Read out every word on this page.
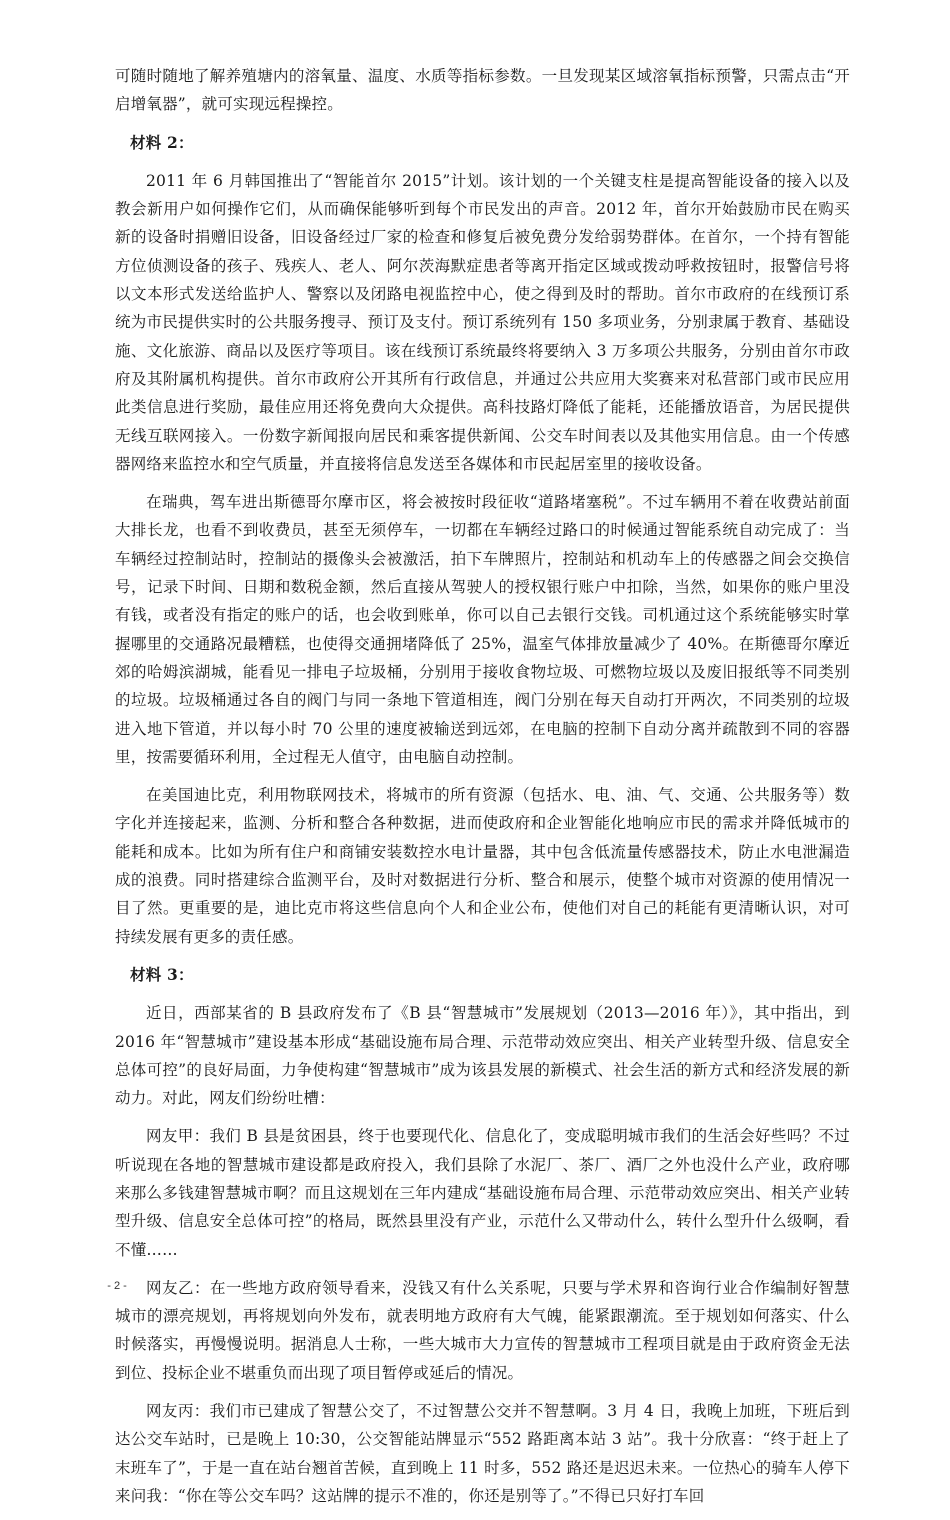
可随时随地了解养殖塘内的溶氧量、温度、水质等指标参数。一旦发现某区域溶氧指标预警，只需点击“开启增氧器”，就可实现远程操控。

材料 2：

2011 年 6 月韩国推出了“智能首尔 2015”计划。该计划的一个关键支柱是提高智能设备的接入以及教会新用户如何操作它们，从而确保能够听到每个市民发出的声音。2012 年，首尔开始鼓励市民在购买新的设备时捐赠旧设备，旧设备经过厂家的检查和修复后被免费分发给弱势群体。在首尔，一个持有智能方位侦测设备的孩子、残疾人、老人、阿尔茨海默症患者等离开指定区域或拨动呼救按钮时，报警信号将以文本形式发送给监护人、警察以及闭路电视监控中心，使之得到及时的帮助。首尔市政府的在线预订系统为市民提供实时的公共服务搜寻、预订及支付。预订系统列有 150 多项业务，分别隶属于教育、基础设施、文化旅游、商品以及医疗等项目。该在线预订系统最终将要纳入 3 万多项公共服务，分别由首尔市政府及其附属机构提供。首尔市政府公开其所有行政信息，并通过公共应用大奖赛来对私营部门或市民应用此类信息进行奖励，最佳应用还将免费向大众提供。高科技路灯降低了能耗，还能播放语音，为居民提供无线互联网接入。一份数字新闻报向居民和乘客提供新闻、公交车时间表以及其他实用信息。由一个传感器网络来监控水和空气质量，并直接将信息发送至各媒体和市民起居室里的接收设备。

在瑞典，驾车进出斯德哥尔摩市区，将会被按时段征收“道路堵塞税”。不过车辆用不着在收费站前面大排长龙，也看不到收费员，甚至无须停车，一切都在车辆经过路口的时候通过智能系统自动完成了：当车辆经过控制站时，控制站的摄像头会被激活，拍下车牌照片，控制站和机动车上的传感器之间会交换信号，记录下时间、日期和数税金额，然后直接从驾驶人的授权银行账户中扣除，当然，如果你的账户里没有钱，或者没有指定的账户的话，也会收到账单，你可以自己去银行交钱。司机通过这个系统能够实时掌握哪里的交通路况最糟糕，也使得交通拥堵降低了 25%，温室气体排放量减少了 40%。在斯德哥尔摩近郊的哈姆滨湖城，能看见一排电子垃圾桶，分别用于接收食物垃圾、可燃物垃圾以及废旧报纸等不同类别的垃圾。垃圾桶通过各自的阀门与同一条地下管道相连，阀门分别在每天自动打开两次，不同类别的垃圾进入地下管道，并以每小时 70 公里的速度被输送到远郊，在电脑的控制下自动分离并疏散到不同的容器里，按需要循环利用，全过程无人值守，由电脑自动控制。

在美国迪比克，利用物联网技术，将城市的所有资源（包括水、电、油、气、交通、公共服务等）数字化并连接起来，监测、分析和整合各种数据，进而使政府和企业智能化地响应市民的需求并降低城市的能耗和成本。比如为所有住户和商铺安装数控水电计量器，其中包含低流量传感器技术，防止水电泄漏造成的浪费。同时搭建综合监测平台，及时对数据进行分析、整合和展示，使整个城市对资源的使用情况一目了然。更重要的是，迪比克市将这些信息向个人和企业公布，使他们对自己的耗能有更清晰认识，对可持续发展有更多的责任感。

材料 3：

近日，西部某省的 B 县政府发布了《B 县“智慧城市”发展规划（2013—2016 年）》，其中指出，到 2016 年“智慧城市”建设基本形成“基础设施布局合理、示范带动效应突出、相关产业转型升级、信息安全总体可控”的良好局面，力争使构建“智慧城市”成为该县发展的新模式、社会生活的新方式和经济发展的新动力。对此，网友们纷纷吐槽：

网友甲：我们 B 县是贫困县，终于也要现代化、信息化了，变成聪明城市我们的生活会好些吗？不过听说现在各地的智慧城市建设都是政府投入，我们县除了水泥厂、茶厂、酒厂之外也没什么产业，政府哪来那么多钱建智慧城市啊？而且这规划在三年内建成“基础设施布局合理、示范带动效应突出、相关产业转型升级、信息安全总体可控”的格局，既然县里没有产业，示范什么又带动什么，转什么型升什么级啊，看不懂……

网友乙：在一些地方政府领导看来，没钱又有什么关系呢，只要与学术界和咨询行业合作编制好智慧城市的漂亮规划，再将规划向外发布，就表明地方政府有大气魄，能紧跟潮流。至于规划如何落实、什么时候落实，再慢慢说明。据消息人士称，一些大城市大力宣传的智慧城市工程项目就是由于政府资金无法到位、投标企业不堪重负而出现了项目暂停或延后的情况。

网友丙：我们市已建成了智慧公交了，不过智慧公交并不智慧啊。3 月 4 日，我晚上加班，下班后到达公交车站时，已是晚上 10:30，公交智能站牌显示“552 路距离本站 3 站”。我十分欣喜：“终于赶上了末班车了”，于是一直在站台翘首苦候，直到晚上 11 时多，552 路还是迟迟未来。一位热心的骑车人停下来问我：“你在等公交车吗？这站牌的提示不准的，你还是别等了。”不得已只好打车回

- 2 -
